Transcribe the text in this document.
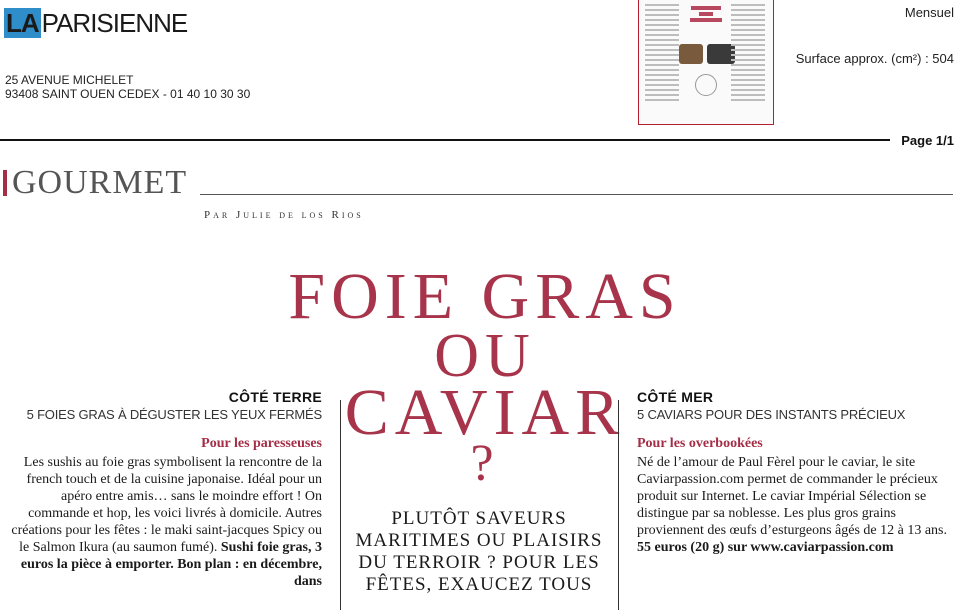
LA PARISIENNE
25 AVENUE MICHELET
93408 SAINT OUEN CEDEX - 01 40 10 30 30
Mensuel
Surface approx. (cm²) : 504
Page 1/1
GOURMET
Par Julie de los Rios
FOIE GRAS
OU
CAVIAR
?
PLUTÔT SAVEURS
MARITIMES OU PLAISIRS
DU TERROIR ? POUR LES
FÊTES, EXAUCEZ TOUS
CÔTÉ TERRE
5 FOIES GRAS À DÉGUSTER LES YEUX FERMÉS
Pour les paresseuses
Les sushis au foie gras symbolisent la rencontre de la french touch et de la cuisine japonaise. Idéal pour un apéro entre amis… sans le moindre effort ! On commande et hop, les voici livrés à domicile. Autres créations pour les fêtes : le maki saint-jacques Spicy ou le Salmon Ikura (au saumon fumé). Sushi foie gras, 3 euros la pièce à emporter. Bon plan : en décembre, dans
CÔTÉ MER
5 CAVIARS POUR DES INSTANTS PRÉCIEUX
Pour les overbookées
Né de l’amour de Paul Fèrel pour le caviar, le site Caviarpassion.com permet de commander le précieux produit sur Internet. Le caviar Impérial Sélection se distingue par sa noblesse. Les plus gros grains proviennent des œufs d’esturgeons âgés de 12 à 13 ans. 55 euros (20 g) sur www.caviarpassion.com
